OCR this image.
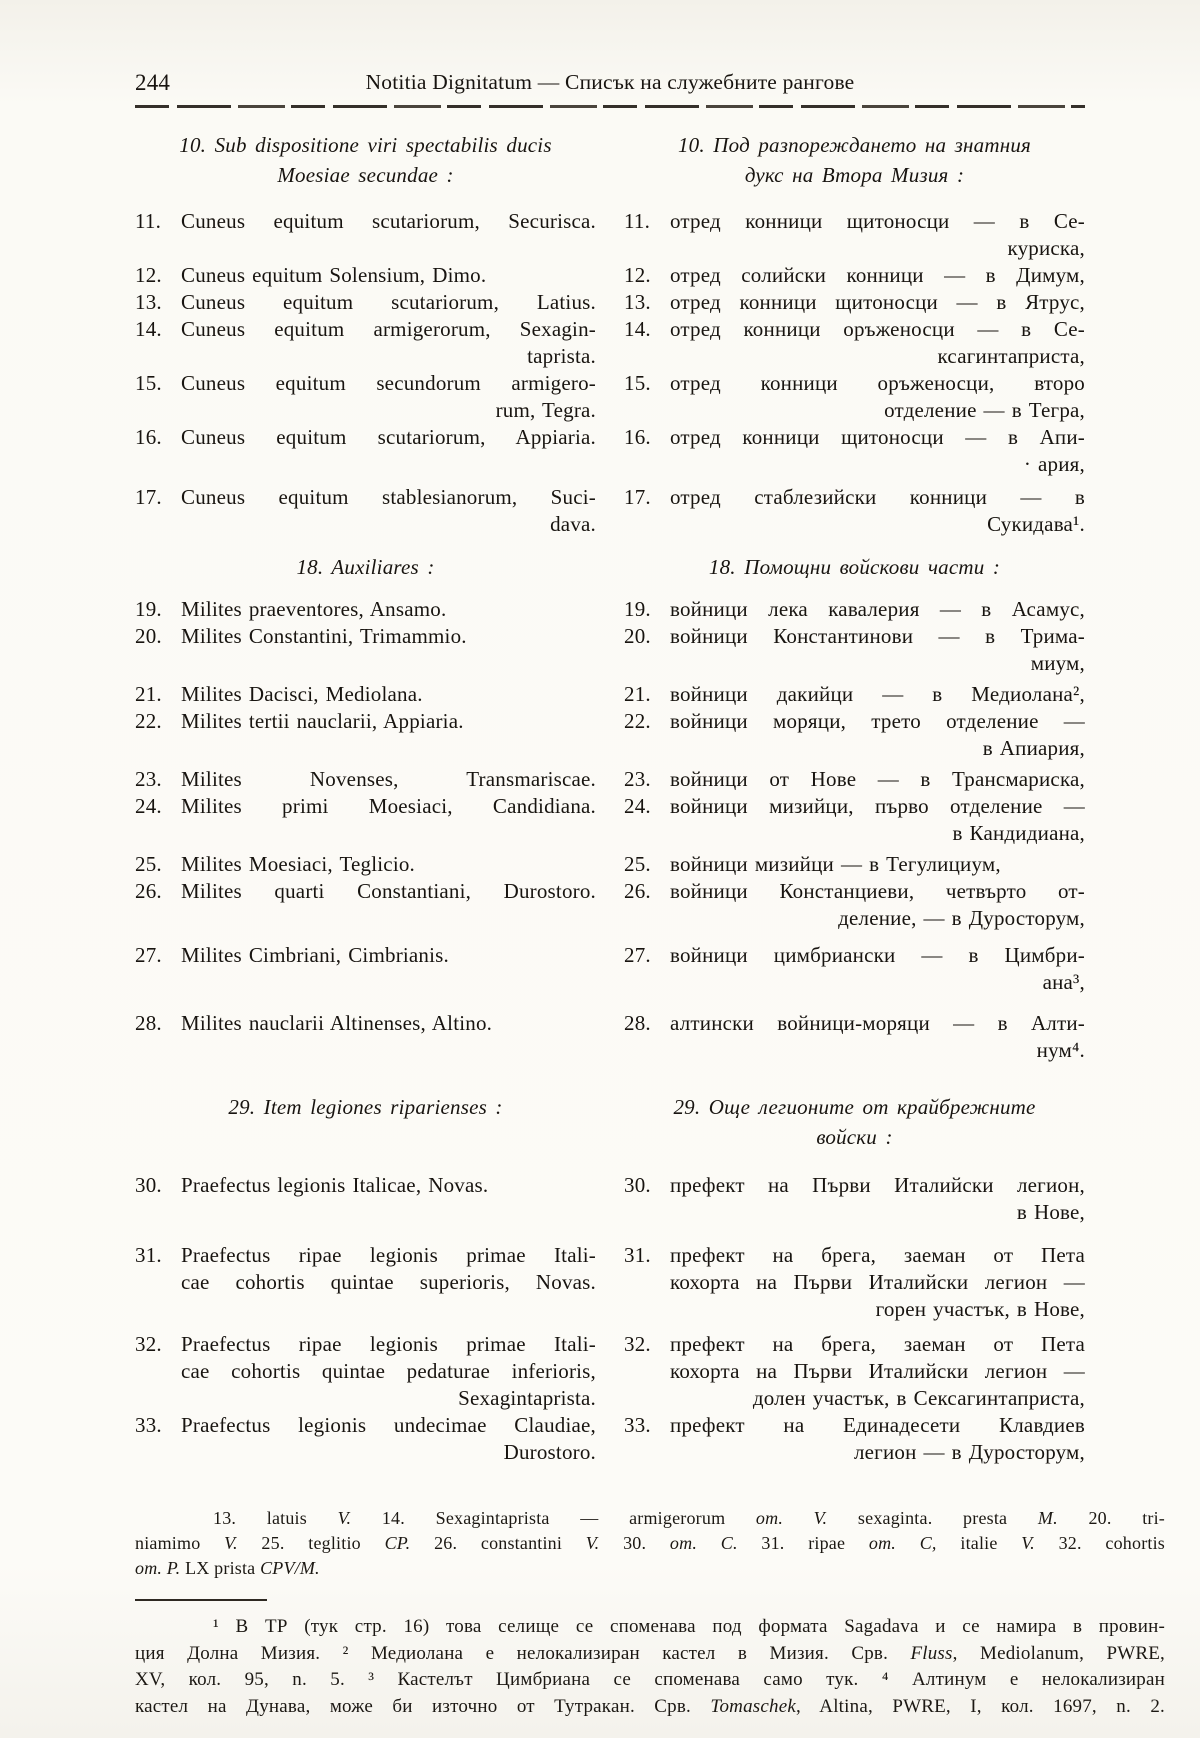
244	Notitia Dignitatum — Списък на служебните рангове
10. Sub dispositione viri spectabilis ducis
Moesiae secundae :
10. Под разпореждането на знатния
дукс на Втора Мизия :
11. Cuneus equitum scutariorum, Securisca. 11. отред конници щитоносци — в Се-
куриска,
12. Cuneus equitum Solensium, Dimo.	12. отред солийски конници — в Димум,
13. Cuneus equitum scutariorum, Latius. 13. отред конници щитоносци — в Ятрус,
14. Cuneus equitum armigerorum, Sexagin-
taprista.
14. отред конници оръженосци — в Се-
ксагинтаприста,
15. Cuneus equitum secundorum armigero-
rum, Tegra.
15. отред конници оръженосци, второ
отделение — в Тегра,
16. Cuneus equitum scutariorum, Appiaria. 16. отред конници щитоносци — в Апи-
· ария,
17. Cuneus equitum stablesianorum, Suci-
dava.
17. отред стаблезийски конници — в
Сукидава¹.
18. Auxiliares :	18. Помощни войскови части :
19. Milites praeventores, Ansamo.	19. войници лека кавалерия — в Асамус,
20. Milites Constantini, Trimammio.	20. войници Константинови — в Трима-
миум,
21. Milites Dacisci, Mediolana.	21. войници дакийци — в Медиолана²,
22. Milites tertii nauclarii, Appiaria.	22. войници моряци, трето отделение —
в Апиария,
23. Milites Novenses, Transmariscae. 23. войници от Нове — в Трансмариска,
24. Milites primi Moesiaci, Candidiana. 24. войници мизийци, първо отделение —
в Кандидиана,
25. Milites Moesiaci, Teglicio.	25. войници мизийци — в Тегулициум,
26. Milites quarti Constantiani, Durostoro. 26. войници Констанциеви, четвърто от-
деление, — в Дуросторум,
27. Milites Cimbriani, Cimbrianis.	27. войници цимбриански — в Цимбри-
ана³,
28. Milites nauclarii Altinenses, Altino.	28. алтински войници-моряци — в Алти-
нум⁴.
29. Item legiones riparienses :	29. Още легионите от крайбрежните
войски :
30. Praefectus legionis Italicae, Novas.	30. префект на Първи Италийски легион,
в Нове,
31. Praefectus ripae legionis primae Itali-
cae cohortis quintae superioris, Novas.
31. префект на брега, заеман от Пета
кохорта на Първи Италийски легион —
горен участък, в Нове,
32. Praefectus ripae legionis primae Itali-
cae cohortis quintae pedaturae inferioris,
Sexagintaprista.
32. префект на брега, заеман от Пета
кохорта на Първи Италийски легион —
долен участък, в Сексагинтаприста,
33. Praefectus legionis undecimae Claudiae,
Durostoro.
33. префект на Единадесети Клавдиев
легион — в Дуросторум,
13. latuis V. 14. Sexagintaprista — armigerorum om. V. sexaginta. presta M. 20. tri-
niamimo V. 25. teglitio CP. 26. constantini V. 30. om. C. 31. ripae om. C, italie V. 32. cohortis
om. P. LX prista CPV/M.
¹ В ТР (тук стр. 16) това селище се споменава под формата Sagadava и се намира в провин-
ция Долна Мизия. ² Медиолана е нелокализиран кастел в Мизия. Срв. Fluss, Mediolanum, PWRE,
XV, кол. 95, n. 5. ³ Кастелът Цимбриана се споменава само тук. ⁴ Алтинум е нелокализиран
кастел на Дунава, може би източно от Тутракан. Срв. Tomaschek, Altina, PWRE, I, кол. 1697, n. 2.
